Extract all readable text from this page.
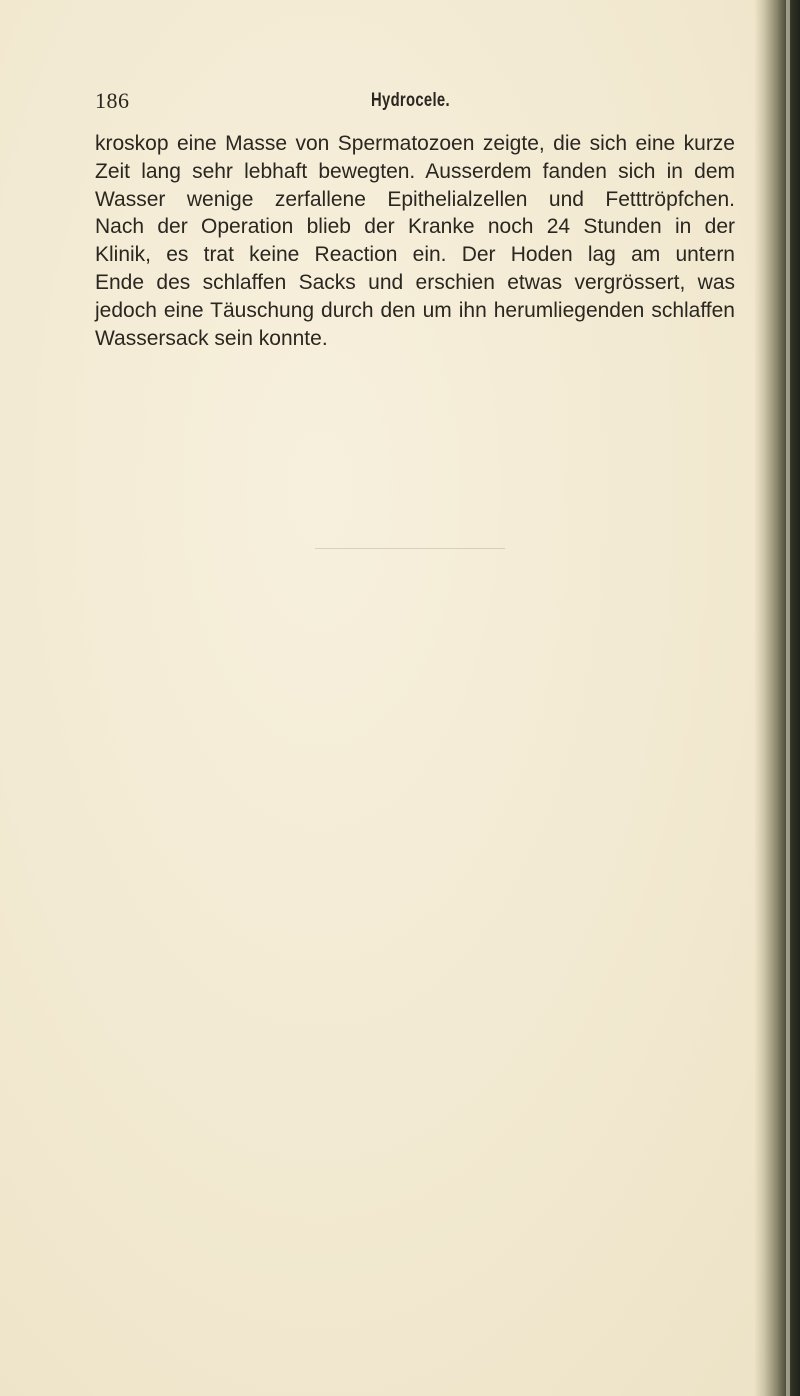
186	Hydrocele.
kroskop eine Masse von Spermatozoen zeigte, die sich eine kurze
Zeit lang sehr lebhaft bewegten. Ausserdem fanden sich in dem
Wasser wenige zerfallene Epithelialzellen und Fetttröpfchen.
Nach der Operation blieb der Kranke noch 24 Stunden in der
Klinik, es trat keine Reaction ein. Der Hoden lag am untern
Ende des schlaffen Sacks und erschien etwas vergrössert, was
jedoch eine Täuschung durch den um ihn herumliegenden schlaffen
Wassersack sein konnte.
